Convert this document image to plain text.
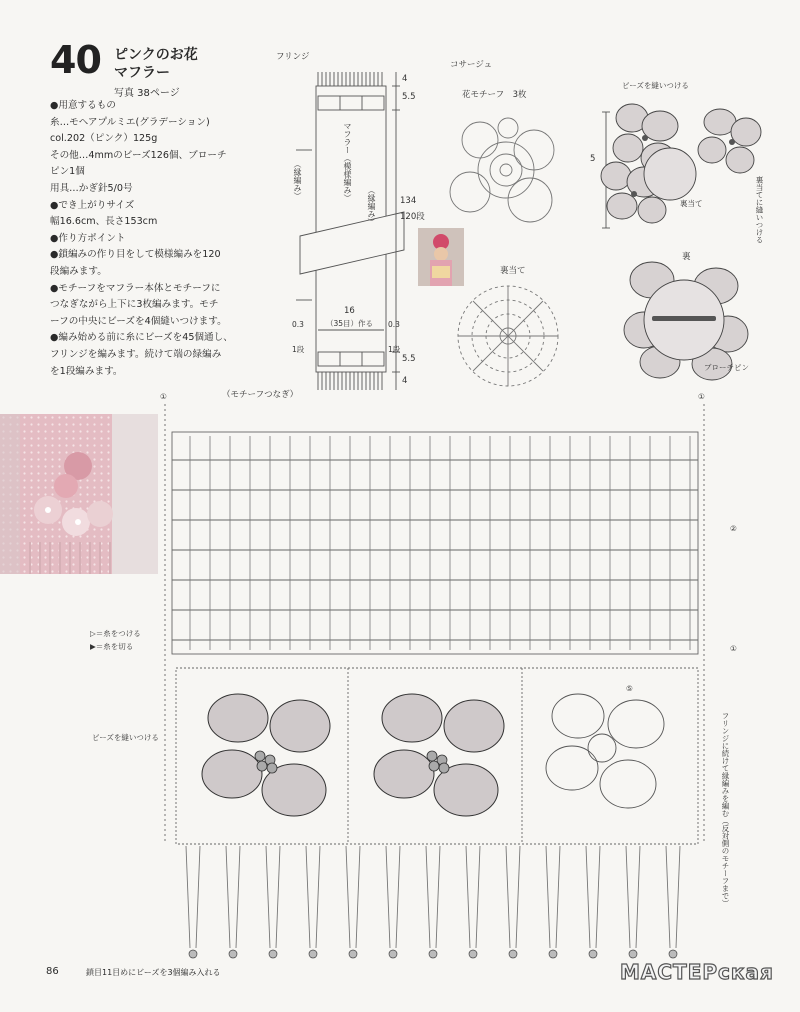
40 ピンクのお花
マフラー
写真 38ページ
●用意するもの
糸…モヘアプルミエ(グラデーション)
col.202（ピンク）125g
その他…4mmのビーズ126個、ブローチ
ピン1個
用具…かぎ針5/0号
●でき上がりサイズ
幅16.6cm、長さ153cm
●作り方ポイント
●鎖編みの作り目をして模様編みを120
段編みます。
●モチーフをマフラー本体とモチーフに
つなぎながら上下に3枚編みます。モチ
ーフの中央にビーズを4個縫いつけます。
●編み始める前に糸にビーズを45個通し、
フリンジを編みます。続けて端の緑編み
を1段編みます。
フリンジ
マフラー（模様編み）
（縁編み）
（縁編み）
4
5.5
134
120段
16
（35目）作る
0.3
1段
0.3
1段
5.5
4
（モチーフつなぎ）
コサージュ
花モチーフ　3枚
ビーズを縫いつける
5
裏当て	裏当てに縫いつける
裏当て
裏
ブローチピン
①	①
②
①
⑤
▷＝糸をつける
▶＝糸を切る
ビーズを縫いつける	フリンジに続けて縁編みを編む（反対側のモチーフまで）
86	鎖目11目めにビーズを3個編み入れる	МАСТЕРская
